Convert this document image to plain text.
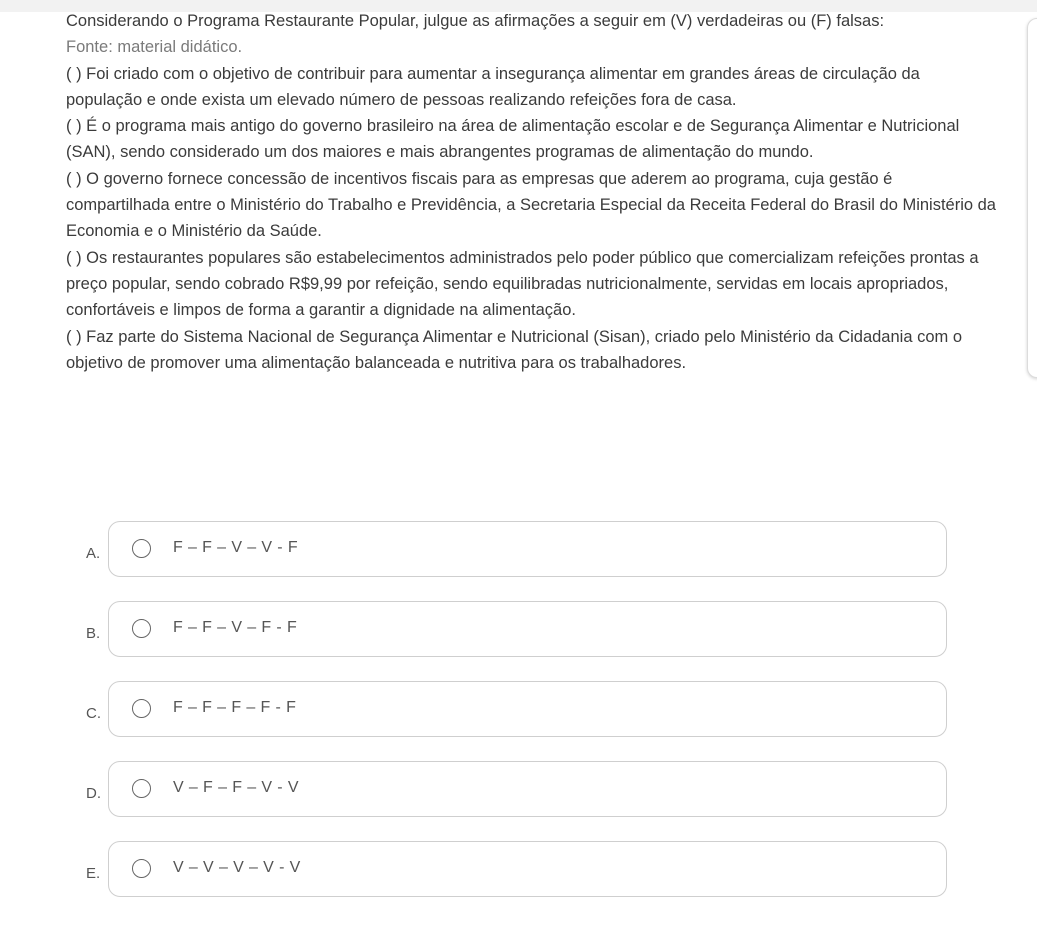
Considerando o Programa Restaurante Popular, julgue as afirmações a seguir em (V) verdadeiras ou (F) falsas:

Fonte: material didático.

( ) Foi criado com o objetivo de contribuir para aumentar a insegurança alimentar em grandes áreas de circulação da população e onde exista um elevado número de pessoas realizando refeições fora de casa.

( ) É o programa mais antigo do governo brasileiro na área de alimentação escolar e de Segurança Alimentar e Nutricional (SAN), sendo considerado um dos maiores e mais abrangentes programas de alimentação do mundo.

( ) O governo fornece concessão de incentivos fiscais para as empresas que aderem ao programa, cuja gestão é compartilhada entre o Ministério do Trabalho e Previdência, a Secretaria Especial da Receita Federal do Brasil do Ministério da Economia e o Ministério da Saúde.

( ) Os restaurantes populares são estabelecimentos administrados pelo poder público que comercializam refeições prontas a preço popular, sendo cobrado R$9,99 por refeição, sendo equilibradas nutricionalmente, servidas em locais apropriados, confortáveis e limpos de forma a garantir a dignidade na alimentação.

( ) Faz parte do Sistema Nacional de Segurança Alimentar e Nutricional (Sisan), criado pelo Ministério da Cidadania com o objetivo de promover uma alimentação balanceada e nutritiva para os trabalhadores.

A.	F – F – V – V - F
B.	F – F – V – F - F
C.	F – F – F – F - F
D.	V – F – F – V - V
E.	V – V – V – V - V
